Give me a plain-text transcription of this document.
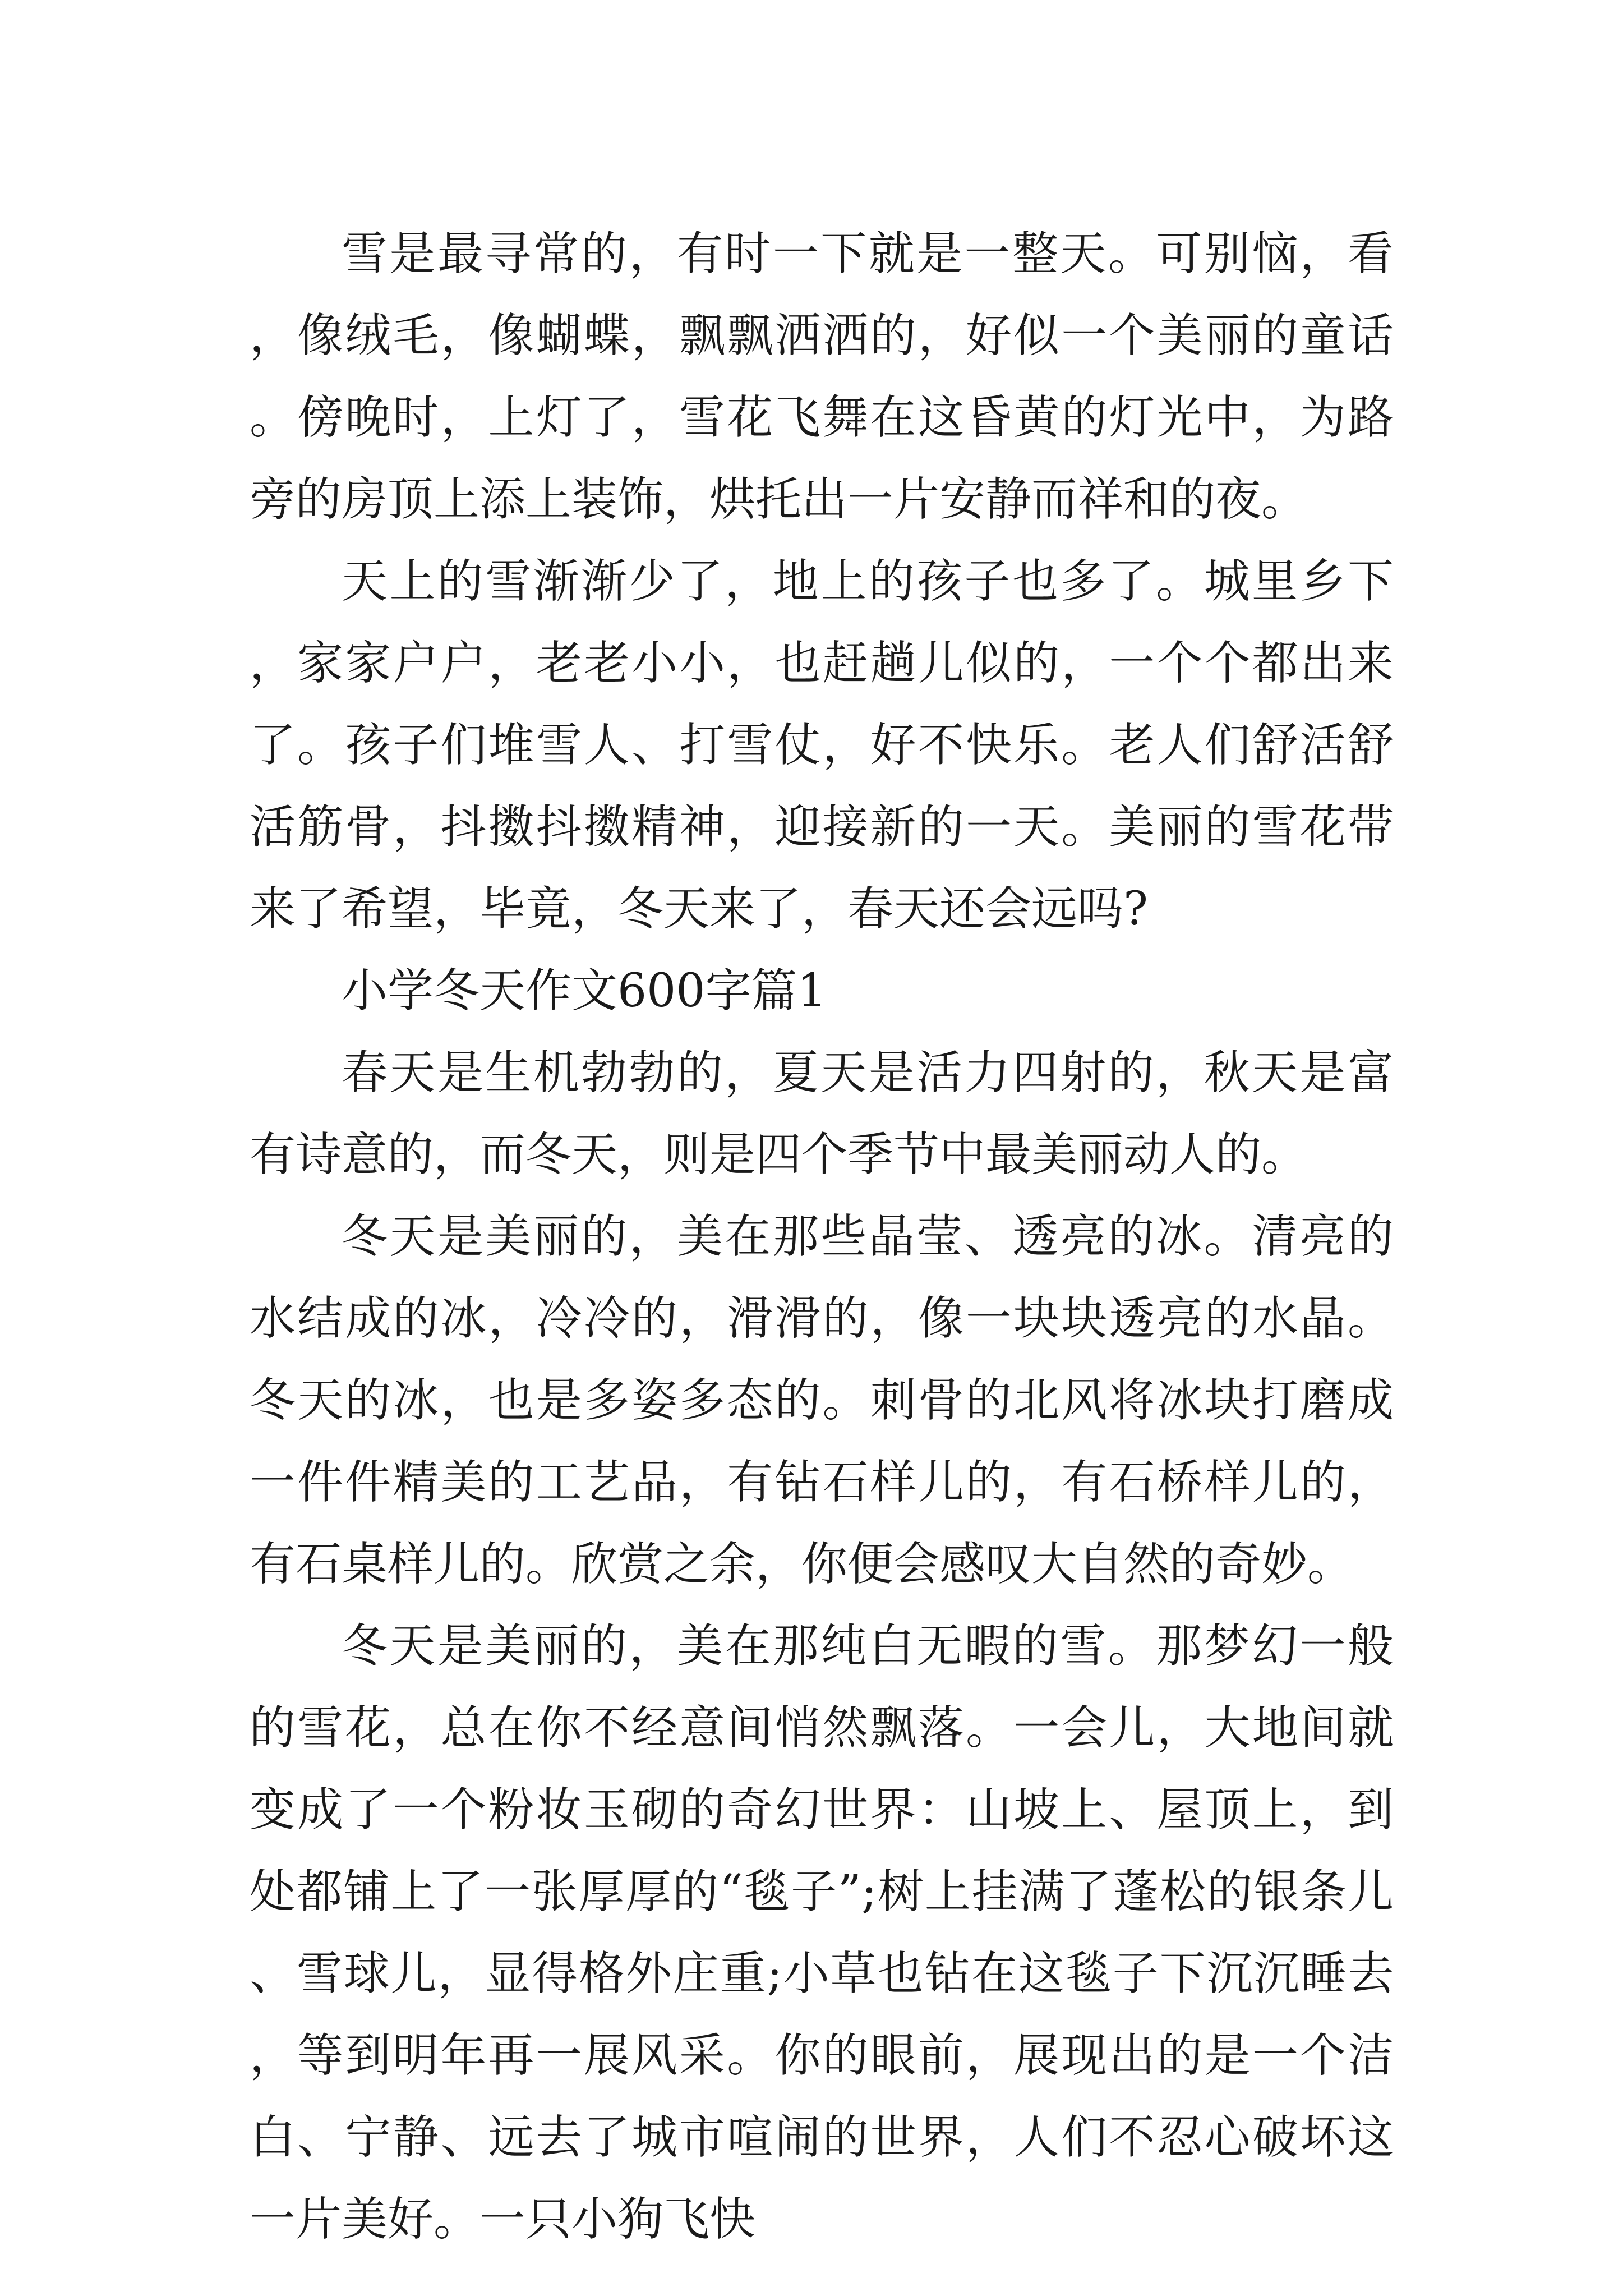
雪是最寻常的，有时一下就是一整天。可别恼，看，像绒毛，像蝴蝶，飘飘洒洒的，好似一个美丽的童话。傍晚时，上灯了，雪花飞舞在这昏黄的灯光中，为路旁的房顶上添上装饰，烘托出一片安静而祥和的夜。

天上的雪渐渐少了，地上的孩子也多了。城里乡下，家家户户，老老小小，也赶趟儿似的，一个个都出来了。孩子们堆雪人、打雪仗，好不快乐。老人们舒活舒活筋骨，抖擞抖擞精神，迎接新的一天。美丽的雪花带来了希望，毕竟，冬天来了，春天还会远吗?

小学冬天作文600字篇1

春天是生机勃勃的，夏天是活力四射的，秋天是富有诗意的，而冬天，则是四个季节中最美丽动人的。

冬天是美丽的，美在那些晶莹、透亮的冰。清亮的水结成的冰，冷冷的，滑滑的，像一块块透亮的水晶。冬天的冰，也是多姿多态的。刺骨的北风将冰块打磨成一件件精美的工艺品，有钻石样儿的，有石桥样儿的，有石桌样儿的。欣赏之余，你便会感叹大自然的奇妙。

冬天是美丽的，美在那纯白无暇的雪。那梦幻一般的雪花，总在你不经意间悄然飘落。一会儿，大地间就变成了一个粉妆玉砌的奇幻世界：山坡上、屋顶上，到处都铺上了一张厚厚的“毯子”;树上挂满了蓬松的银条儿、雪球儿，显得格外庄重;小草也钻在这毯子下沉沉睡去，等到明年再一展风采。你的眼前，展现出的是一个洁白、宁静、远去了城市喧闹的世界，人们不忍心破坏这一片美好。一只小狗飞快
